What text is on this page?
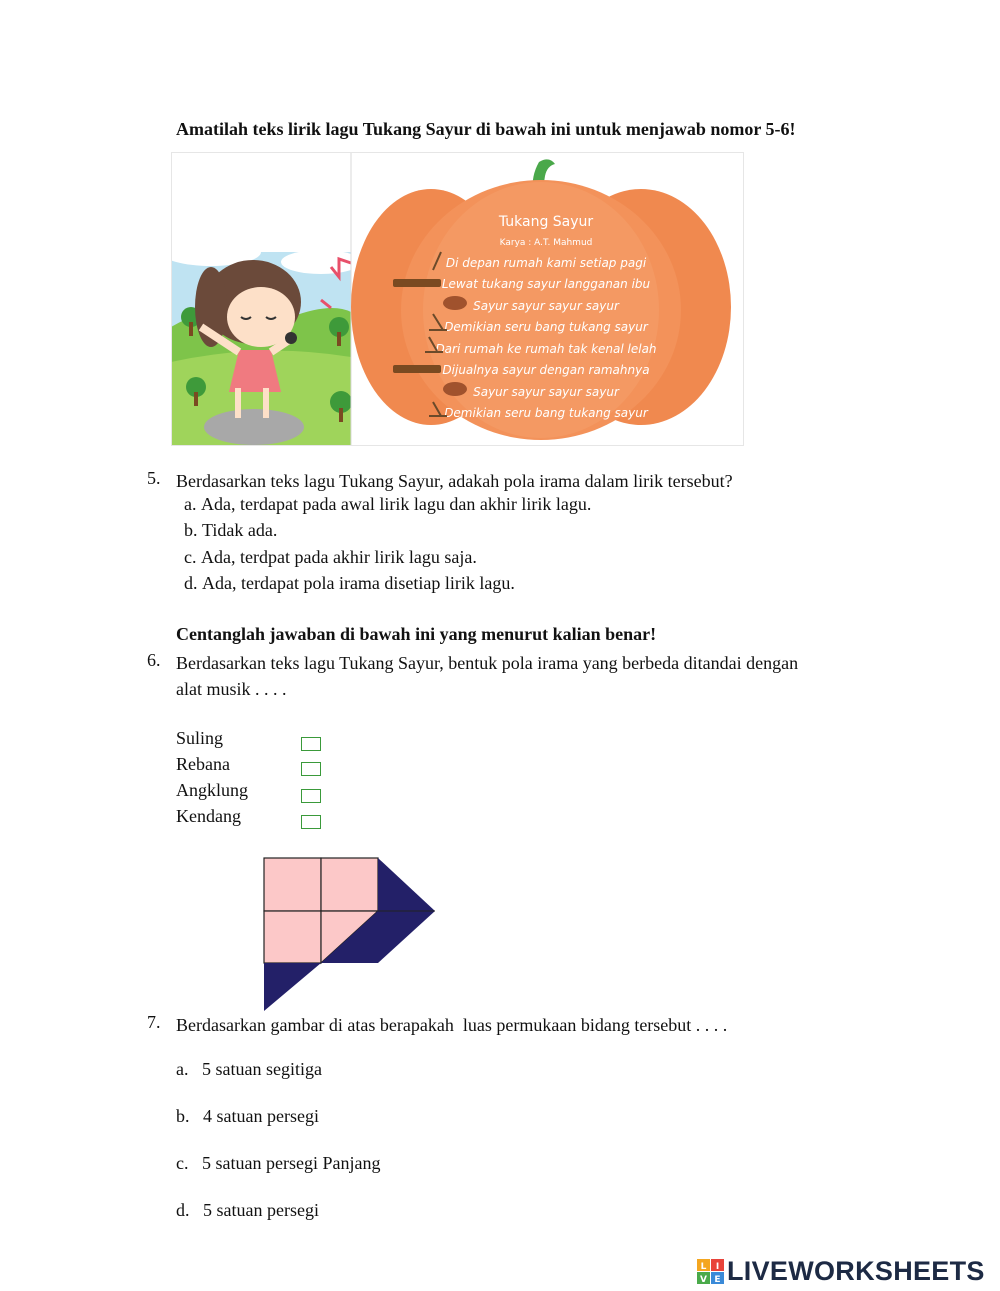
Amatilah teks lirik lagu Tukang Sayur di bawah ini untuk menjawab nomor 5-6!
Tukang Sayur
Karya : A.T. Mahmud
Di depan rumah kami setiap pagi
Lewat tukang sayur langganan ibu
Sayur sayur sayur sayur
Demikian seru bang tukang sayur
Dari rumah ke rumah tak kenal lelah
Dijualnya sayur dengan ramahnya
Sayur sayur sayur sayur
Demikian seru bang tukang sayur
5. Berdasarkan teks lagu Tukang Sayur, adakah pola irama dalam lirik tersebut?
a. Ada, terdapat pada awal lirik lagu dan akhir lirik lagu.
b. Tidak ada.
c. Ada, terdpat pada akhir lirik lagu saja.
d. Ada, terdapat pola irama disetiap lirik lagu.
Centanglah jawaban di bawah ini yang menurut kalian benar!
6. Berdasarkan teks lagu Tukang Sayur, bentuk pola irama yang berbeda ditandai dengan
alat musik . . . .
Suling
Rebana
Angklung
Kendang
7. Berdasarkan gambar di atas berapakah  luas permukaan bidang tersebut . . . .
a. 5 satuan segitiga
b. 4 satuan persegi
c. 5 satuan persegi Panjang
d. 5 satuan persegi
L I
V E LIVEWORKSHEETS
